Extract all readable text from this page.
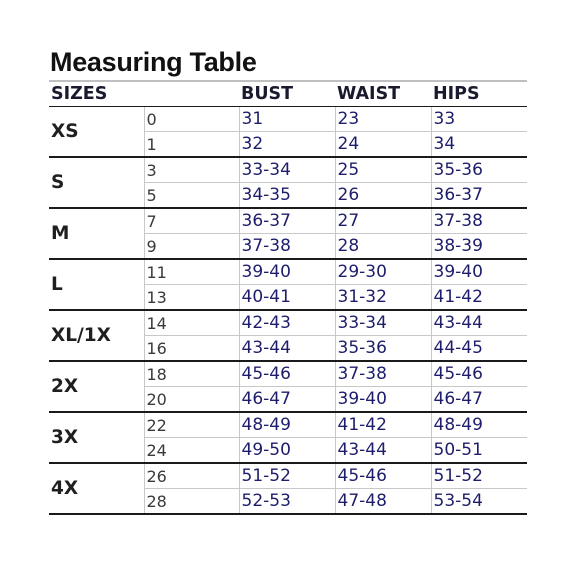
Measuring Table
SIZES		BUST	WAIST	HIPS
XS	0	31	23	33
	1	32	24	34
S	3	33-34	25	35-36
	5	34-35	26	36-37
M	7	36-37	27	37-38
	9	37-38	28	38-39
L	11	39-40	29-30	39-40
	13	40-41	31-32	41-42
XL/1X	14	42-43	33-34	43-44
	16	43-44	35-36	44-45
2X	18	45-46	37-38	45-46
	20	46-47	39-40	46-47
3X	22	48-49	41-42	48-49
	24	49-50	43-44	50-51
4X	26	51-52	45-46	51-52
	28	52-53	47-48	53-54
